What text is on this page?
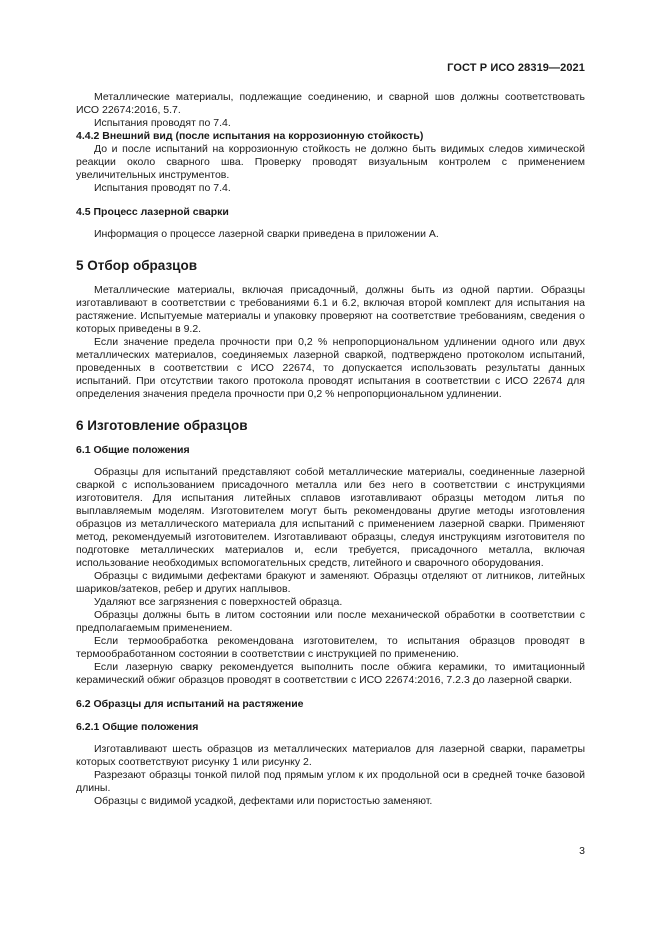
ГОСТ Р ИСО 28319—2021

Металлические материалы, подлежащие соединению, и сварной шов должны соответствовать ИСО 22674:2016, 5.7.

Испытания проводят по 7.4.

4.4.2 Внешний вид (после испытания на коррозионную стойкость)

До и после испытаний на коррозионную стойкость не должно быть видимых следов химической реакции около сварного шва. Проверку проводят визуальным контролем с применением увеличительных инструментов.

Испытания проводят по 7.4.

4.5 Процесс лазерной сварки

Информация о процессе лазерной сварки приведена в приложении А.

5 Отбор образцов

Металлические материалы, включая присадочный, должны быть из одной партии. Образцы изготавливают в соответствии с требованиями 6.1 и 6.2, включая второй комплект для испытания на растяжение. Испытуемые материалы и упаковку проверяют на соответствие требованиям, сведения о которых приведены в 9.2.

Если значение предела прочности при 0,2 % непропорциональном удлинении одного или двух металлических материалов, соединяемых лазерной сваркой, подтверждено протоколом испытаний, проведенных в соответствии с ИСО 22674, то допускается использовать результаты данных испытаний. При отсутствии такого протокола проводят испытания в соответствии с ИСО 22674 для определения значения предела прочности при 0,2 % непропорциональном удлинении.

6 Изготовление образцов

6.1 Общие положения

Образцы для испытаний представляют собой металлические материалы, соединенные лазерной сваркой с использованием присадочного металла или без него в соответствии с инструкциями изготовителя. Для испытания литейных сплавов изготавливают образцы методом литья по выплавляемым моделям. Изготовителем могут быть рекомендованы другие методы изготовления образцов из металлического материала для испытаний с применением лазерной сварки. Применяют метод, рекомендуемый изготовителем. Изготавливают образцы, следуя инструкциям изготовителя по подготовке металлических материалов и, если требуется, присадочного металла, включая использование необходимых вспомогательных средств, литейного и сварочного оборудования.

Образцы с видимыми дефектами бракуют и заменяют. Образцы отделяют от литников, литейных шариков/затеков, ребер и других наплывов.

Удаляют все загрязнения с поверхностей образца.

Образцы должны быть в литом состоянии или после механической обработки в соответствии с предполагаемым применением.

Если термообработка рекомендована изготовителем, то испытания образцов проводят в термообработанном состоянии в соответствии с инструкцией по применению.

Если лазерную сварку рекомендуется выполнить после обжига керамики, то имитационный керамический обжиг образцов проводят в соответствии с ИСО 22674:2016, 7.2.3 до лазерной сварки.

6.2 Образцы для испытаний на растяжение

6.2.1 Общие положения

Изготавливают шесть образцов из металлических материалов для лазерной сварки, параметры которых соответствуют рисунку 1 или рисунку 2.

Разрезают образцы тонкой пилой под прямым углом к их продольной оси в средней точке базовой длины.

Образцы с видимой усадкой, дефектами или пористостью заменяют.

3
